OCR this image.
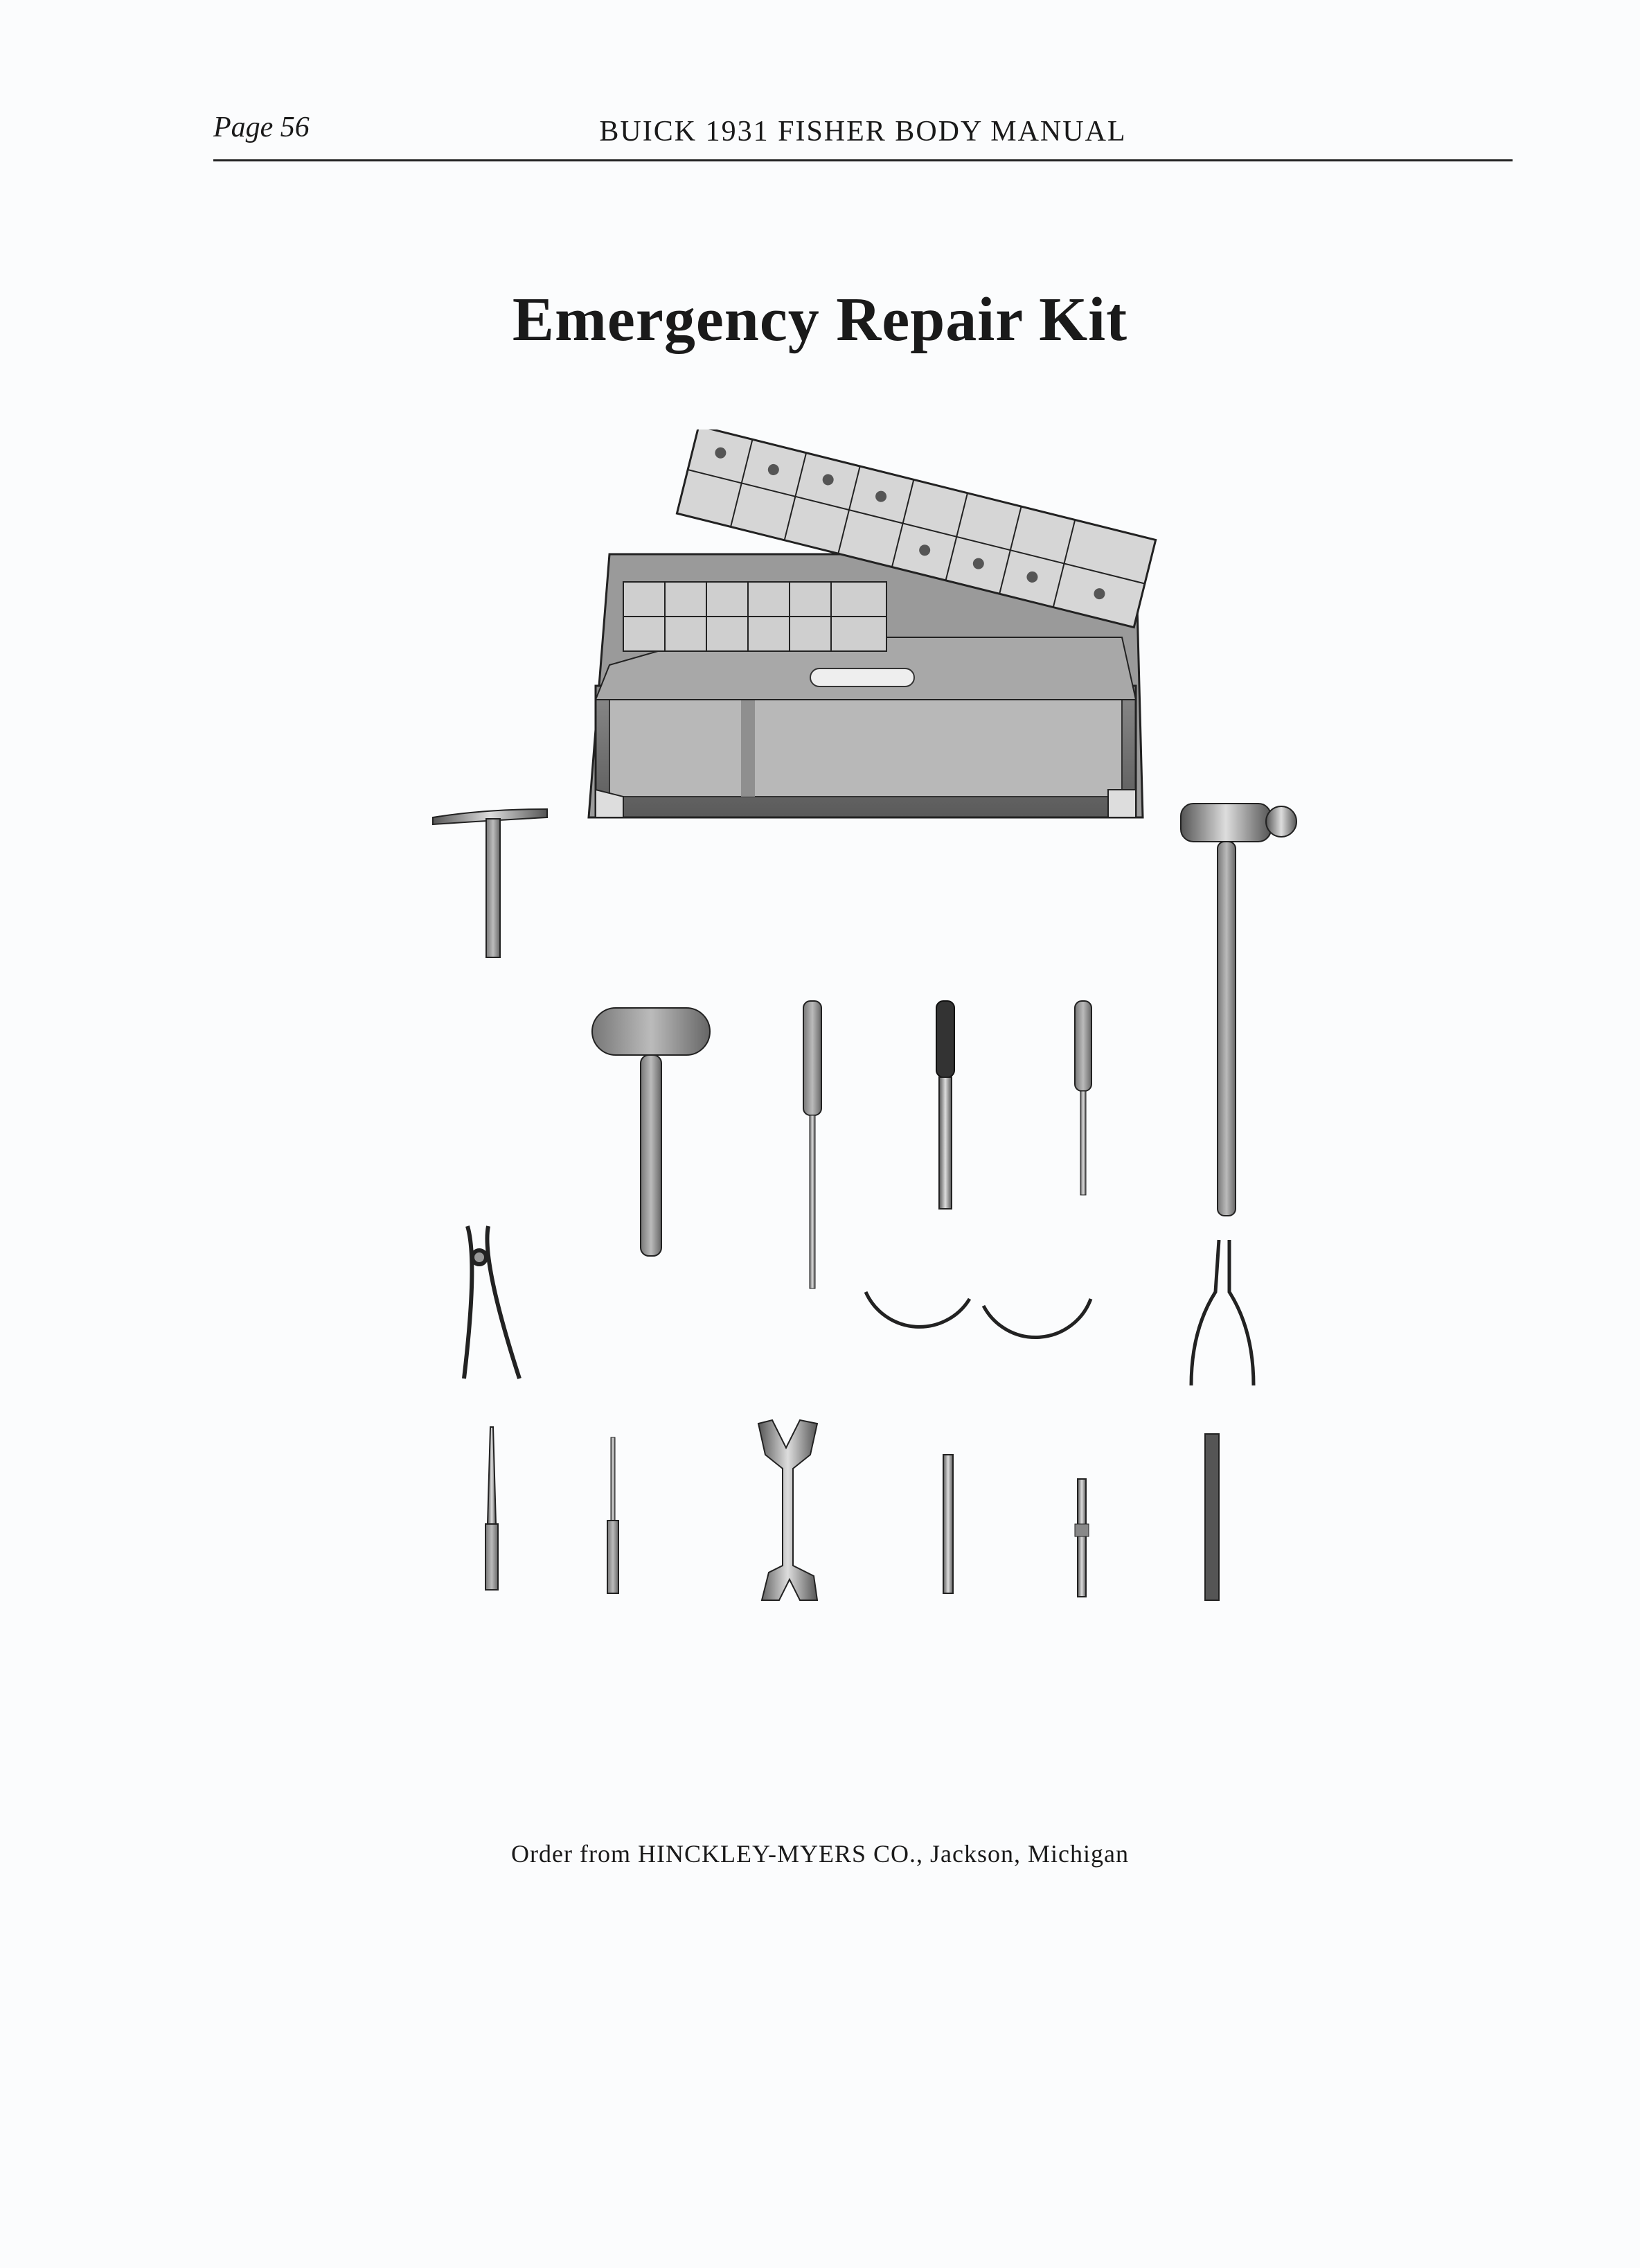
Page 56	BUICK 1931 FISHER BODY MANUAL
Emergency Repair Kit
Order from HINCKLEY-MYERS CO., Jackson, Michigan
